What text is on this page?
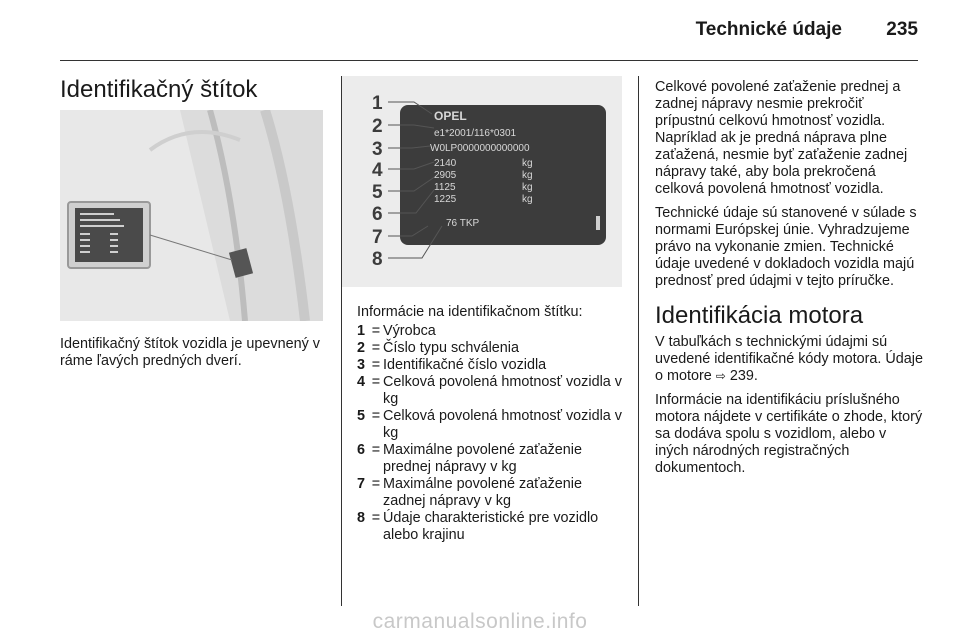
Technické údaje 235
Identifikačný štítok

Identifikačný štítok vozidla je upevnený v ráme ľavých predných dverí.

1
2
3
4
5
6
7
8
OPEL
e1*2001/116*0301
W0LP0000000000000
2140	kg
2905	kg
1125	kg
1225	kg
76 TKP

Informácie na identifikačnom štítku:

1 = Výrobca
2 = Číslo typu schválenia
3 = Identifikačné číslo vozidla
4 = Celková povolená hmotnosť vozidla v kg
5 = Celková povolená hmotnosť vozidla v kg
6 = Maximálne povolené zaťaženie prednej nápravy v kg
7 = Maximálne povolené zaťaženie zadnej nápravy v kg
8 = Údaje charakteristické pre vozidlo alebo krajinu

Celkové povolené zaťaženie prednej a zadnej nápravy nesmie prekročiť prípustnú celkovú hmotnosť vozidla. Napríklad ak je predná náprava plne zaťažená, nesmie byť zaťaženie zadnej nápravy také, aby bola prekročená celková povolená hmotnosť vozidla.

Technické údaje sú stanovené v súlade s normami Európskej únie. Vyhradzujeme právo na vykonanie zmien. Technické údaje uvedené v dokladoch vozidla majú prednosť pred údajmi v tejto príručke.

Identifikácia motora

V tabuľkách s technickými údajmi sú uvedené identifikačné kódy motora. Údaje o motore ⇨ 239.

Informácie na identifikáciu príslušného motora nájdete v certifikáte o zhode, ktorý sa dodáva spolu s vozidlom, alebo v iných národných registračných dokumentoch.

carmanualsonline.info
